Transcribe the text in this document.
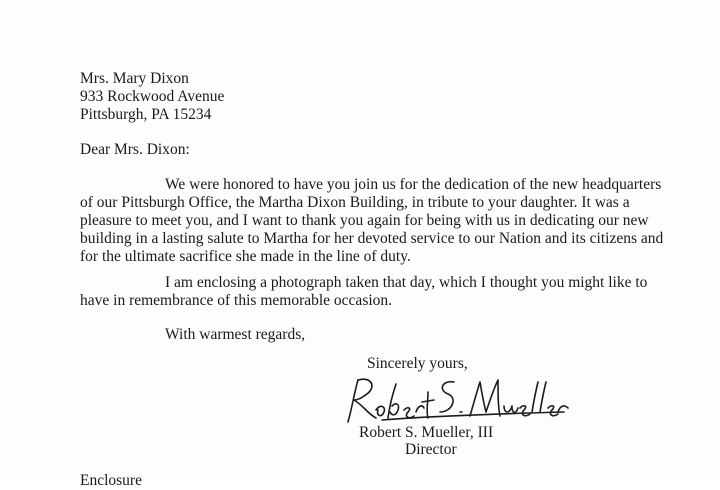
Mrs. Mary Dixon
933 Rockwood Avenue
Pittsburgh, PA 15234
Dear Mrs. Dixon:
We were honored to have you join us for the dedication of the new headquarters
of our Pittsburgh Office, the Martha Dixon Building, in tribute to your daughter. It was a
pleasure to meet you, and I want to thank you again for being with us in dedicating our new
building in a lasting salute to Martha for her devoted service to our Nation and its citizens and
for the ultimate sacrifice she made in the line of duty.
I am enclosing a photograph taken that day, which I thought you might like to
have in remembrance of this memorable occasion.
With warmest regards,
Sincerely yours,
Robert S. Mueller, III
Director
Enclosure
